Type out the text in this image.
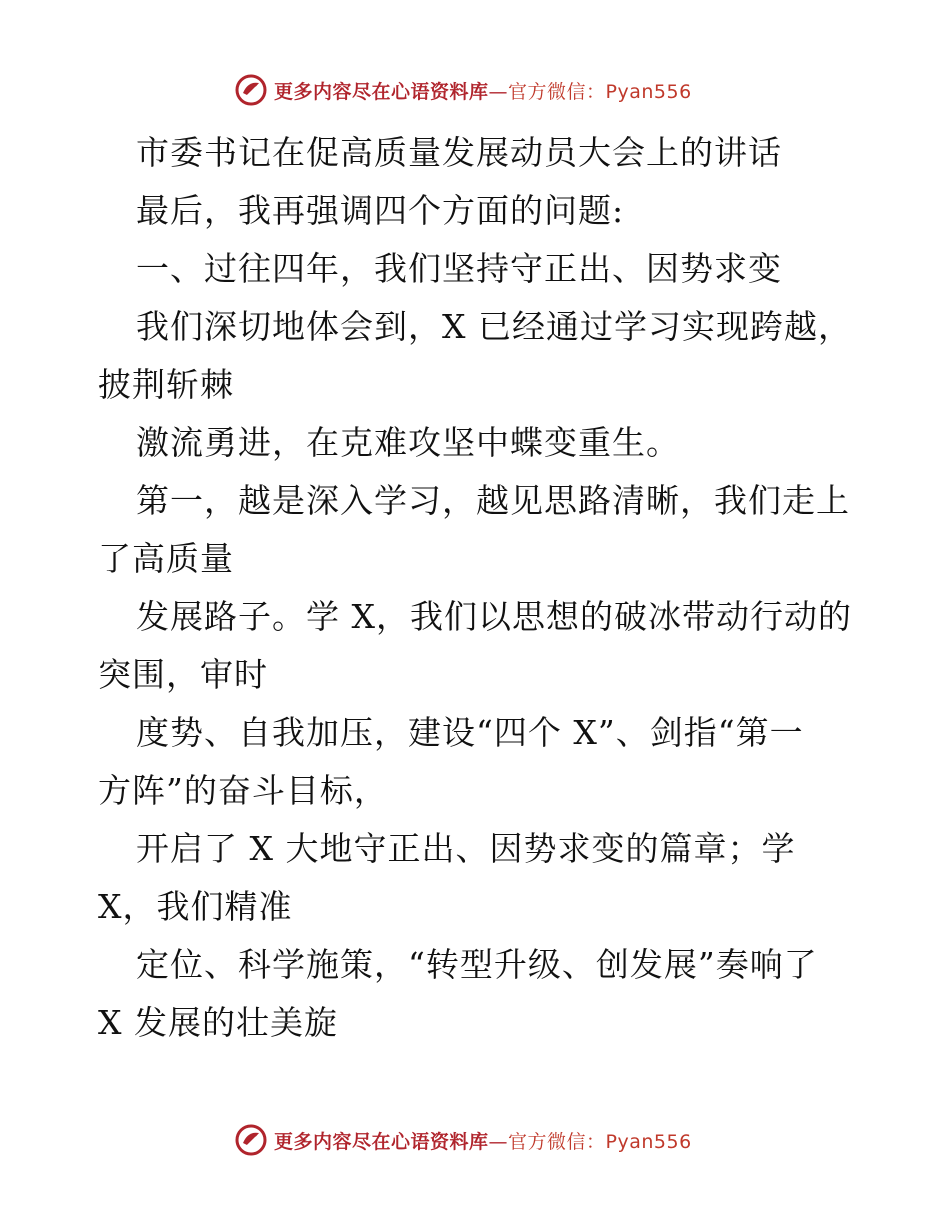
更多内容尽在心语资料库—官方微信：Pyan556
市委书记在促高质量发展动员大会上的讲话
最后，我再强调四个方面的问题:
一、过往四年，我们坚持守正出、因势求变
我们深切地体会到，X 已经通过学习实现跨越，
披荆斩棘
激流勇进，在克难攻坚中蝶变重生。
第一，越是深入学习，越见思路清晰，我们走上
了高质量
发展路子。学 X，我们以思想的破冰带动行动的
突围，审时
度势、自我加压，建设“四个 X”、剑指“第一
方阵”的奋斗目标，
开启了 X 大地守正出、因势求变的篇章；学
X，我们精准
定位、科学施策，“转型升级、创发展”奏响了
X 发展的壮美旋
更多内容尽在心语资料库—官方微信：Pyan556
